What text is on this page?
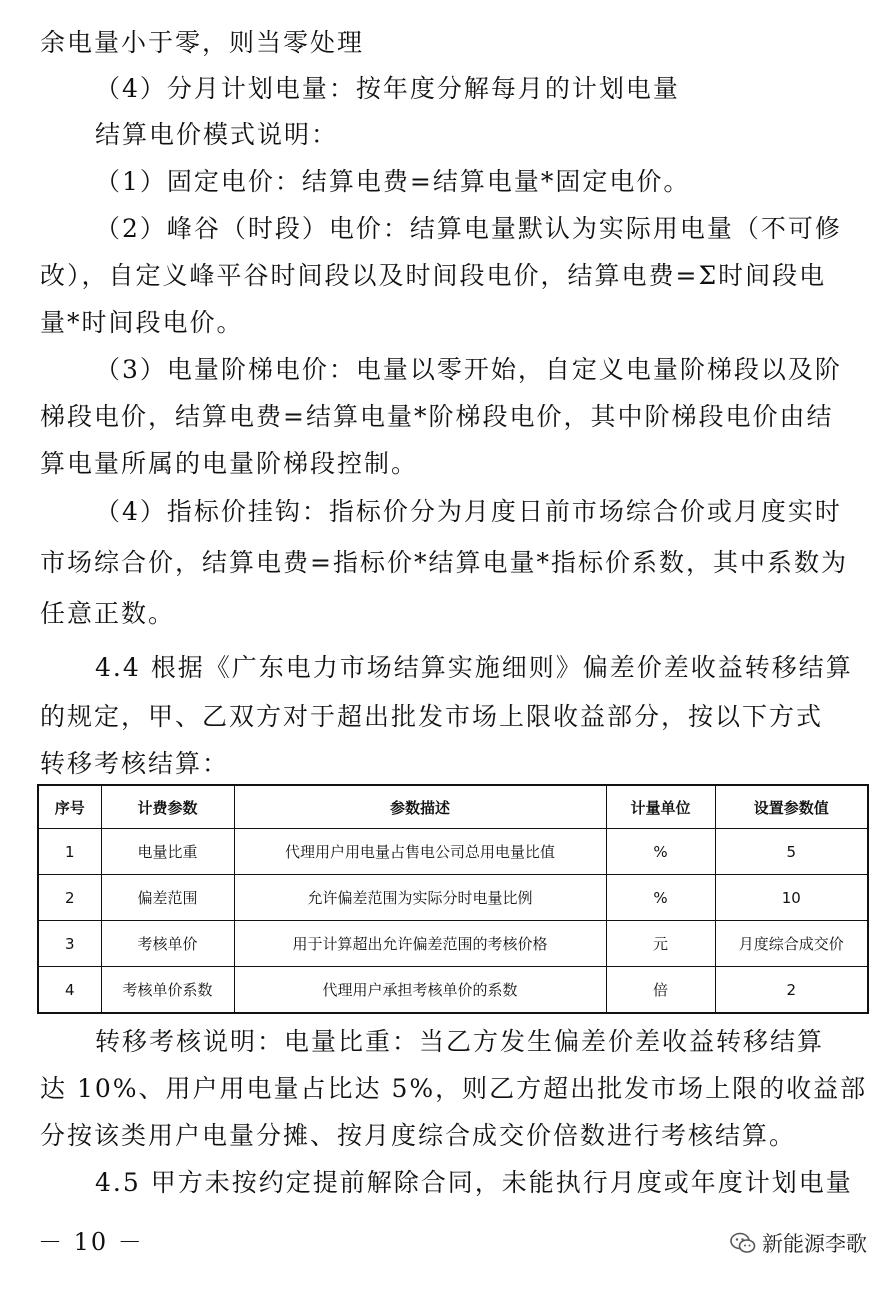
余电量小于零，则当零处理
（4）分月计划电量：按年度分解每月的计划电量
结算电价模式说明：
（1）固定电价：结算电费=结算电量*固定电价。
（2）峰谷（时段）电价：结算电量默认为实际用电量（不可修
改），自定义峰平谷时间段以及时间段电价，结算电费=Σ时间段电
量*时间段电价。
（3）电量阶梯电价：电量以零开始，自定义电量阶梯段以及阶
梯段电价，结算电费=结算电量*阶梯段电价，其中阶梯段电价由结
算电量所属的电量阶梯段控制。
（4）指标价挂钩：指标价分为月度日前市场综合价或月度实时
市场综合价，结算电费=指标价*结算电量*指标价系数，其中系数为
任意正数。
4.4 根据《广东电力市场结算实施细则》偏差价差收益转移结算
的规定，甲、乙双方对于超出批发市场上限收益部分，按以下方式
转移考核结算：
序号	计费参数	参数描述	计量单位	设置参数值
1	电量比重	代理用户用电量占售电公司总用电量比值	%	5
2	偏差范围	允许偏差范围为实际分时电量比例	%	10
3	考核单价	用于计算超出允许偏差范围的考核价格	元	月度综合成交价
4	考核单价系数	代理用户承担考核单价的系数	倍	2
转移考核说明：电量比重：当乙方发生偏差价差收益转移结算
达 10%、用户用电量占比达 5%，则乙方超出批发市场上限的收益部
分按该类用户电量分摊、按月度综合成交价倍数进行考核结算。
4.5 甲方未按约定提前解除合同，未能执行月度或年度计划电量
－ 10 －	新能源李歌
